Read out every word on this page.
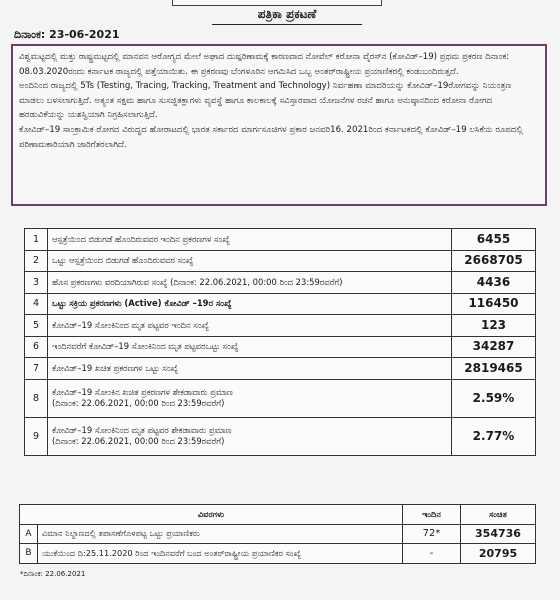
ಪತ್ರಿಕಾ ಪ್ರಕಟಣೆ
ದಿನಾಂಕ: 23-06-2021

ವಿಶ್ವಮಟ್ಟದಲ್ಲಿ ಮತ್ತು ರಾಷ್ಟ್ರಮಟ್ಟದಲ್ಲಿ ಮಾನವನ ಆರೋಗ್ಯದ ಮೇಲೆ ಅಘಾದ ದುಷ್ಪರಿಣಾಮಕ್ಕೆ ಕಾರಣವಾದ ನೋವೆಲ್ ಕರೋನಾ ವೈರಸ್‌ನ (ಕೋವಿಡ್–19) ಪ್ರಥಮ ಪ್ರಕರಣ ದಿನಾಂಕ: 08.03.2020ರಂದು ಕರ್ನಾಟಕ ರಾಜ್ಯದಲ್ಲಿ ಪತ್ತೆಯಾಯಿತು. ಈ ಪ್ರಕರಣವು ಬೆಂಗಳೂರಿನ ಆಗಮಿಸಿದ ಒಬ್ಬ ಅಂತರ್‌ರಾಷ್ಟ್ರೀಯ ಪ್ರಯಾಣಿಕರಲ್ಲಿ ಕಂಡುಬಂದಿರುತ್ತದೆ.

ಅಂದಿನಿಂದ ರಾಜ್ಯದಲ್ಲಿ 5Ts (Testing, Tracing, Tracking, Treatment and Technology) ನಿರ್ವಹಣಾ ಮಾದರಿಯನ್ನು ಕೋವಿಡ್–19ರೋಗವನ್ನು ನಿಯಂತ್ರಣ ಮಾಡಲು ಬಳಸಲಾಗುತ್ತಿದೆ. ಅತ್ಯಂತ ಸಕ್ಷಮ ಹಾಗೂ ಸುಸಜ್ಜಿತಕ್ಲಾಗಳು ವ್ಯವಸ್ಥೆ ಹಾಗೂ ಕಾಲಕಾಲಕ್ಕೆ ಸವಿಸ್ತಾರವಾದ ಯೋಜನೆಗಳ ರಚನೆ ಹಾಗೂ ಅನುಷ್ಠಾನದಿಂದ ಕರೋನಾ ರೋಗದ ಹರಡುವಿಕೆಯನ್ನು ಯಶಸ್ವಿಯಾಗಿ ನಿಗ್ರಹಿಸಲಾಗುತ್ತಿದೆ.

ಕೋವಿಡ್–19 ಸಾಂಕ್ರಾಮಿಕ ರೋಗದ ವಿರುದ್ಧದ ಹೋರಾಟದಲ್ಲಿ ಭಾರತ ಸರ್ಕಾರದ ಮಾರ್ಗಸೂಚಿಗಳ ಪ್ರಕಾರ ಜನವರಿ16. 2021ರಿಂದ ಕರ್ನಾಟಕದಲ್ಲಿ ಕೋವಿಡ್–19 ಲಸಿಕೆಯ ರೂಪದಲ್ಲಿ ಪರಿಣಾಮಕಾರಿಯಾಗಿ ಜಾರಿಗೆತರಲಾಗಿದೆ.

1	ಆಸ್ಪತ್ರೆಯಿಂದ ಬಿಡುಗಡೆ ಹೊಂದಿರುವವರ ಇಂದಿನ ಪ್ರಕರಣಗಳ ಸಂಖ್ಯೆ	6455
2	ಒಟ್ಟು ಆಸ್ಪತ್ರೆಯಿಂದ ಬಿಡುಗಡೆ ಹೊಂದಿರುವವರ ಸಂಖ್ಯೆ	2668705
3	ಹೊಸ ಪ್ರಕರಣಗಳು ವರದಿಯಾಗಿರುವ ಸಂಖ್ಯೆ (ದಿನಾಂಕ: 22.06.2021, 00:00 ರಿಂದ 23:59ರವರೆಗೆ)	4436
4	ಒಟ್ಟು ಸಕ್ರಿಯ ಪ್ರಕರಣಗಳು (Active) ಕೋವಿಡ್ –19ರ ಸಂಖ್ಯೆ	116450
5	ಕೋವಿಡ್–19 ಸೋಂಕಿನಿಂದ ಮೃತ ಪಟ್ಟವರ ಇಂದಿನ ಸಂಖ್ಯೆ	123
6	ಇಂದಿನವರೆಗೆ ಕೋವಿಡ್–19 ಸೋಂಕಿನಿಂದ ಮೃತ ಪಟ್ಟವರಒಟ್ಟು ಸಂಖ್ಯೆ	34287
7	ಕೋವಿಡ್–19 ಖಚಿತ ಪ್ರಕರಣಗಳ ಒಟ್ಟು ಸಂಖ್ಯೆ	2819465
8	ಕೋವಿಡ್–19 ಸೋಂಕಿನ ಖಚಿತ ಪ್ರಕರಣಗಳ ಶೇಕಡಾವಾರು ಪ್ರಮಾಣ
(ದಿನಾಂಕ: 22.06.2021, 00:00 ರಿಂದ 23:59ರವರೆಗೆ)	2.59%
9	ಕೋವಿಡ್–19 ಸೋಂಕಿನಿಂದ ಮೃತ ಪಟ್ಟವರ ಶೇಕಡಾವಾರು ಪ್ರಮಾಣ
(ದಿನಾಂಕ: 22.06.2021, 00:00 ರಿಂದ 23:59ರವರೆಗೆ)	2.77%
ವಿವರಗಳು		ಇಂದಿನ	ಸಂಚಿತ
A	ವಿಮಾನ ನಿಲ್ದಾಣದಲ್ಲಿ ತಪಾಸಣೆಗೊಳಪಟ್ಟ ಒಟ್ಟು ಪ್ರಯಾಣಿಕರು	72*	354736
B	ಯುಕೆಯಿಂದ ದಿ:25.11.2020 ರಿಂದ ಇಂದಿನವರೆಗೆ ಬಂದ ಅಂತರ್‌ರಾಷ್ಟ್ರೀಯ ಪ್ರಯಾಣಿಕರ ಸಂಖ್ಯೆ	-	20795
*ದಿನಾಂಕ: 22.06.2021
